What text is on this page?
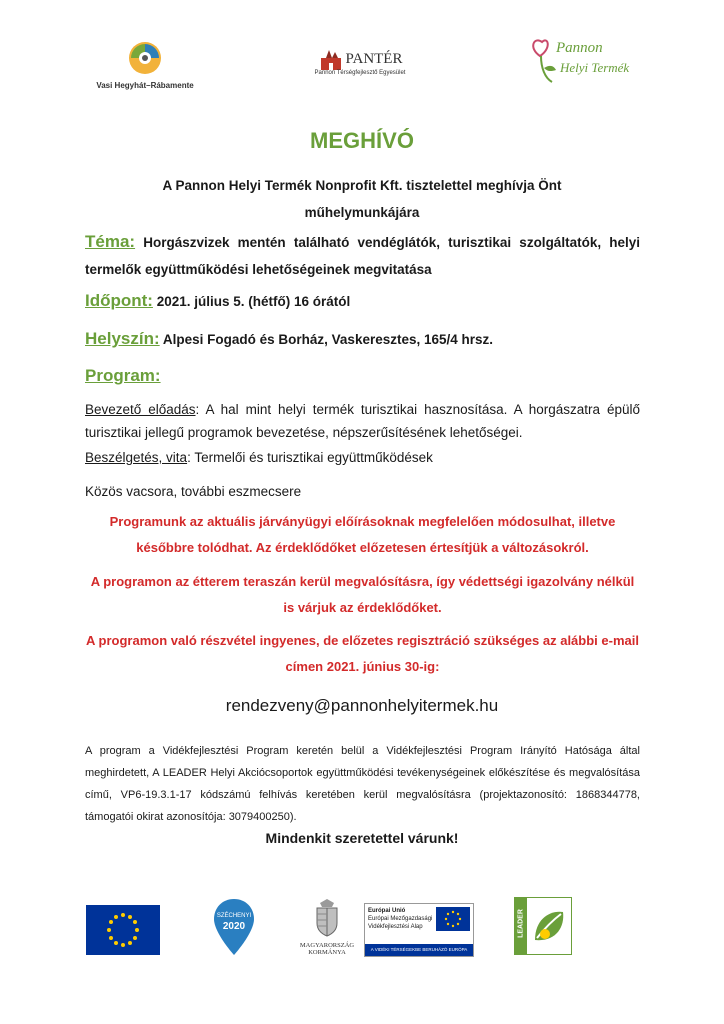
Vasi Hegyhát–Rábamente
PANTÉR
Pannon Térségfejlesztő Egyesület
Pannon
Helyi Termék
MEGHÍVÓ
A Pannon Helyi Termék Nonprofit Kft. tisztelettel meghívja Önt műhelymunkájára
Téma: Horgászvizek mentén található vendéglátók, turisztikai szolgáltatók, helyi termelők együttműködési lehetőségeinek megvitatása
Időpont: 2021. július 5. (hétfő) 16 órától
Helyszín: Alpesi Fogadó és Borház, Vaskeresztes, 165/4 hrsz.
Program:
Bevezető előadás: A hal mint helyi termék turisztikai hasznosítása. A horgászatra épülő turisztikai jellegű programok bevezetése, népszerűsítésének lehetőségei.
Beszélgetés, vita: Termelői és turisztikai együttműködések
Közös vacsora, további eszmecsere
Programunk az aktuális járványügyi előírásoknak megfelelően módosulhat, illetve későbbre tolódhat. Az érdeklődőket előzetesen értesítjük a változásokról.
A programon az étterem teraszán kerül megvalósításra, így védettségi igazolvány nélkül is várjuk az érdeklődőket.
A programon való részvétel ingyenes, de előzetes regisztráció szükséges az alábbi e-mail címen 2021. június 30-ig:
rendezveny@pannonhelyitermek.hu
A program a Vidékfejlesztési Program keretén belül a Vidékfejlesztési Program Irányító Hatósága által meghirdetett, A LEADER Helyi Akciócsoportok együttműködési tevékenységeinek előkészítése és megvalósítása című, VP6-19.3.1-17 kódszámú felhívás keretében kerül megvalósításra (projektazonosító: 1868344778, támogatói okirat azonosítója: 3079400250).
Mindenkit szeretettel várunk!
SZÉCHENYI
2020
MAGYARORSZÁG
KORMÁNYA
Európai Unió
Európai Mezőgazdasági
Vidékfejlesztési Alap
A VIDÉKI TÉRSÉGEKBE BERUHÁZÓ EURÓPA
LEADER
